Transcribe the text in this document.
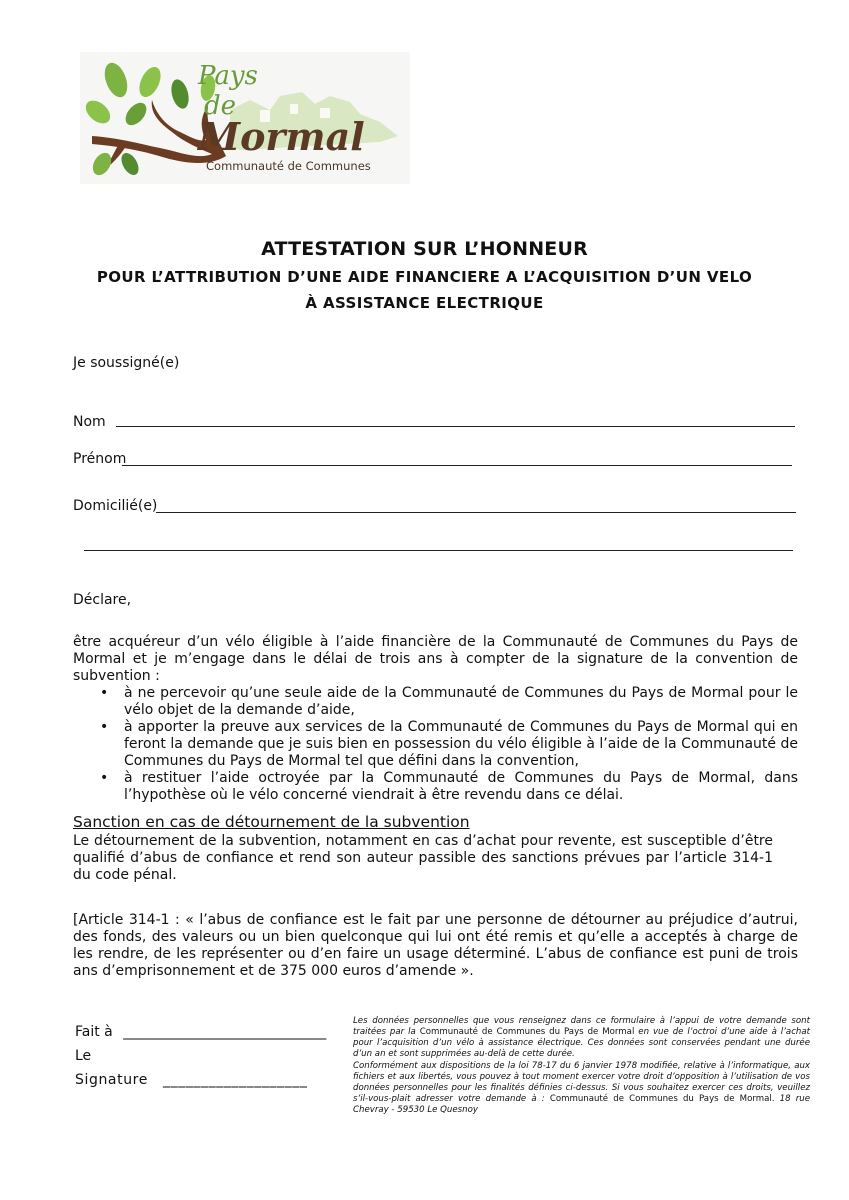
Pays
de
Mormal
Communauté de Communes
ATTESTATION SUR L’HONNEUR
POUR L’ATTRIBUTION D’UNE AIDE FINANCIERE A L’ACQUISITION D’UN VELO
À ASSISTANCE ELECTRIQUE
Je soussigné(e)
Nom
Prénom
Domicilié(e)
Déclare,
être acquéreur d’un vélo éligible à l’aide financière de la Communauté de Communes du Pays de Mormal et je m’engage dans le délai de trois ans à compter de la signature de la convention de subvention :
• à ne percevoir qu’une seule aide de la Communauté de Communes du Pays de Mormal pour le vélo objet de la demande d’aide,
• à apporter la preuve aux services de la Communauté de Communes du Pays de Mormal qui en feront la demande que je suis bien en possession du vélo éligible à l’aide de la Communauté de Communes du Pays de Mormal tel que défini dans la convention,
• à restituer l’aide octroyée par la Communauté de Communes du Pays de Mormal, dans l’hypothèse où le vélo concerné viendrait à être revendu dans ce délai.
Sanction en cas de détournement de la subvention
Le détournement de la subvention, notamment en cas d’achat pour revente, est susceptible d’être qualifié d’abus de confiance et rend son auteur passible des sanctions prévues par l’article 314-1 du code pénal.
[Article 314-1 : « l’abus de confiance est le fait par une personne de détourner au préjudice d’autrui, des fonds, des valeurs ou un bien quelconque qui lui ont été remis et qu’elle a acceptés à charge de les rendre, de les représenter ou d’en faire un usage déterminé. L’abus de confiance est puni de trois ans d’emprisonnement et de 375 000 euros d’amende ».
Fait à _____________________________
Le
Signature ___________________
Les données personnelles que vous renseignez dans ce formulaire à l’appui de votre demande sont traitées par la Communauté de Communes du Pays de Mormal en vue de l’octroi d’une aide à l’achat pour l’acquisition d’un vélo à assistance électrique. Ces données sont conservées pendant une durée d’un an et sont supprimées au-delà de cette durée.
Conformément aux dispositions de la loi 78-17 du 6 janvier 1978 modifiée, relative à l’informatique, aux fichiers et aux libertés, vous pouvez à tout moment exercer votre droit d’opposition à l’utilisation de vos données personnelles pour les finalités définies ci-dessus. Si vous souhaitez exercer ces droits, veuillez s’il-vous-plait adresser votre demande à : Communauté de Communes du Pays de Mormal. 18 rue Chevray - 59530 Le Quesnoy
